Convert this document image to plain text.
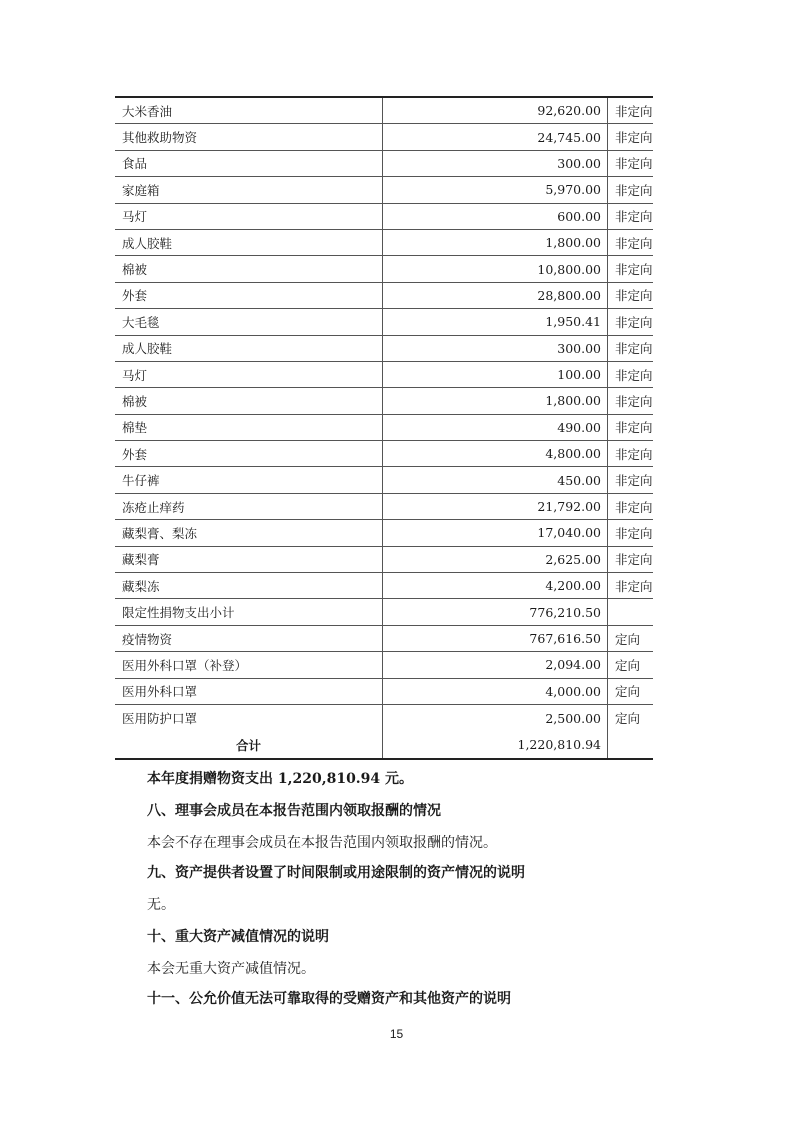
大米香油	92,620.00	非定向
其他救助物资	24,745.00	非定向
食品	300.00	非定向
家庭箱	5,970.00	非定向
马灯	600.00	非定向
成人胶鞋	1,800.00	非定向
棉被	10,800.00	非定向
外套	28,800.00	非定向
大毛毯	1,950.41	非定向
成人胶鞋	300.00	非定向
马灯	100.00	非定向
棉被	1,800.00	非定向
棉垫	490.00	非定向
外套	4,800.00	非定向
牛仔裤	450.00	非定向
冻疮止痒药	21,792.00	非定向
藏梨膏、梨冻	17,040.00	非定向
藏梨膏	2,625.00	非定向
藏梨冻	4,200.00	非定向
限定性捐物支出小计	776,210.50
疫情物资	767,616.50	定向
医用外科口罩（补登）	2,094.00	定向
医用外科口罩	4,000.00	定向
医用防护口罩	2,500.00	定向
合计	1,220,810.94

本年度捐赠物资支出 1,220,810.94 元。

八、理事会成员在本报告范围内领取报酬的情况

本会不存在理事会成员在本报告范围内领取报酬的情况。

九、资产提供者设置了时间限制或用途限制的资产情况的说明

无。

十、重大资产减值情况的说明

本会无重大资产减值情况。

十一、公允价值无法可靠取得的受赠资产和其他资产的说明

15
